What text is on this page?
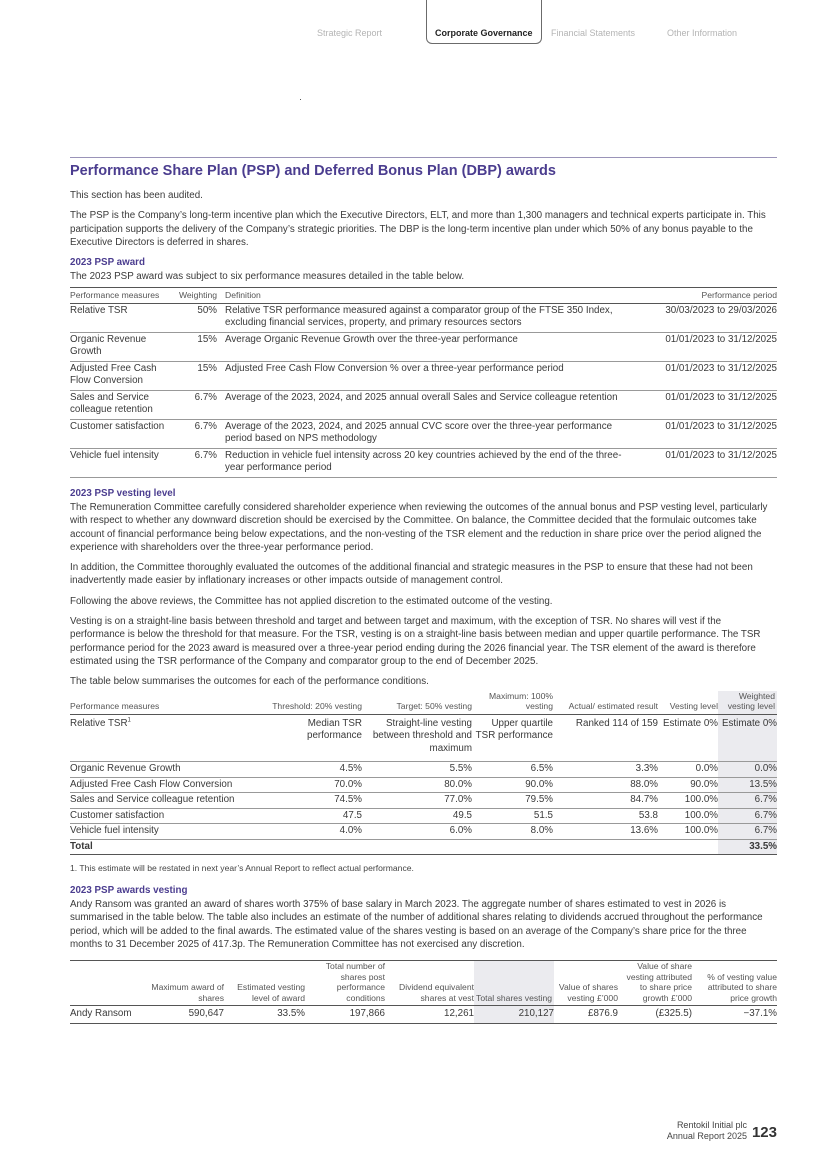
Strategic Report	Corporate Governance	Financial Statements	Other Information
Performance Share Plan (PSP) and Deferred Bonus Plan (DBP) awards

This section has been audited.

The PSP is the Company’s long-term incentive plan which the Executive Directors, ELT, and more than 1,300 managers and technical experts participate in. This participation supports the delivery of the Company’s strategic priorities. The DBP is the long-term incentive plan under which 50% of any bonus payable to the Executive Directors is deferred in shares.

2023 PSP award

The 2023 PSP award was subject to six performance measures detailed in the table below.

Performance measures	Weighting		Definition	Performance period
Relative TSR	50%		Relative TSR performance measured against a comparator group of the FTSE 350 Index, excluding financial services, property, and primary resources sectors	30/03/2023 to 29/03/2026
Organic Revenue Growth	15%		Average Organic Revenue Growth over the three-year performance	01/01/2023 to 31/12/2025
Adjusted Free Cash Flow Conversion	15%		Adjusted Free Cash Flow Conversion % over a three-year performance period	01/01/2023 to 31/12/2025
Sales and Service colleague retention	6.7%		Average of the 2023, 2024, and 2025 annual overall Sales and Service colleague retention	01/01/2023 to 31/12/2025
Customer satisfaction	6.7%		Average of the 2023, 2024, and 2025 annual CVC score over the three-year performance period based on NPS methodology	01/01/2023 to 31/12/2025
Vehicle fuel intensity	6.7%		Reduction in vehicle fuel intensity across 20 key countries achieved by the end of the three-year performance period	01/01/2023 to 31/12/2025
2023 PSP vesting level

The Remuneration Committee carefully considered shareholder experience when reviewing the outcomes of the annual bonus and PSP vesting level, particularly with respect to whether any downward discretion should be exercised by the Committee. On balance, the Committee decided that the formulaic outcomes take account of financial performance being below expectations, and the non-vesting of the TSR element and the reduction in share price over the period aligned the experience with shareholders over the three-year performance period.

In addition, the Committee thoroughly evaluated the outcomes of the additional financial and strategic measures in the PSP to ensure that these had not been inadvertently made easier by inflationary increases or other impacts outside of management control.

Following the above reviews, the Committee has not applied discretion to the estimated outcome of the vesting.

Vesting is on a straight-line basis between threshold and target and between target and maximum, with the exception of TSR. No shares will vest if the performance is below the threshold for that measure. For the TSR, vesting is on a straight-line basis between median and upper quartile performance. The TSR performance period for the 2023 award is measured over a three-year period ending during the 2026 financial year. The TSR element of the award is therefore estimated using the TSR performance of the Company and comparator group to the end of December 2025.

The table below summarises the outcomes for each of the performance conditions.

Performance measures	Threshold: 20% vesting	Target: 50% vesting	Maximum: 100% vesting	Actual/ estimated result	Vesting level	Weighted vesting level
Relative TSR$^1$	Median TSR performance	Straight-line vesting between threshold and maximum	Upper quartile TSR performance	Ranked 114 of 159	Estimate 0%	Estimate 0%
Organic Revenue Growth	4.5%	5.5%	6.5%	3.3%	0.0%	0.0%
Adjusted Free Cash Flow Conversion	70.0%	80.0%	90.0%	88.0%	90.0%	13.5%
Sales and Service colleague retention	74.5%	77.0%	79.5%	84.7%	100.0%	6.7%
Customer satisfaction	47.5	49.5	51.5	53.8	100.0%	6.7%
Vehicle fuel intensity	4.0%	6.0%	8.0%	13.6%	100.0%	6.7%
Total						33.5%
1. This estimate will be restated in next year’s Annual Report to reflect actual performance.
2023 PSP awards vesting

Andy Ransom was granted an award of shares worth 375% of base salary in March 2023. The aggregate number of shares estimated to vest in 2026 is summarised in the table below. The table also includes an estimate of the number of additional shares relating to dividends accrued throughout the performance period, which will be added to the final awards. The estimated value of the shares vesting is based on an average of the Company’s share price for the three months to 31 December 2025 of 417.3p. The Remuneration Committee has not exercised any discretion.

	Maximum award of shares	Estimated vesting level of award	Total number of shares post performance conditions	Dividend equivalent shares at vest	Total shares vesting	Value of shares vesting £’000	Value of share vesting attributed to share price growth £’000	% of vesting value attributed to share price growth
Andy Ransom	590,647	33.5%	197,866	12,261	210,127	£876.9	(£325.5)	−37.1%
Rentokil Initial plc
Annual Report 2025 123
